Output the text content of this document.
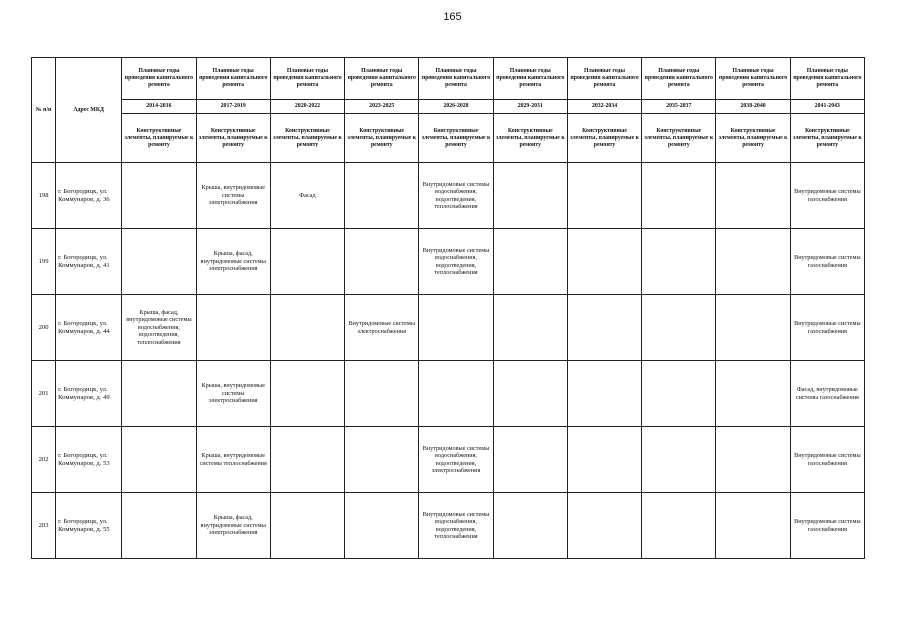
165
№ п/п	Адрес МКД	Плановые годы проведения капитального ремонта	Плановые годы проведения капитального ремонта	Плановые годы проведения капитального ремонта	Плановые годы проведения капитального ремонта	Плановые годы проведения капитального ремонта	Плановые годы проведения капитального ремонта	Плановые годы проведения капитального ремонта	Плановые годы проведения капитального ремонта	Плановые годы проведения капитального ремонта	Плановые годы проведения капитального ремонта
		2014-2016	2017-2019	2020-2022	2023-2025	2026-2028	2029-2031	2032-2034	2035-2037	2038-2040	2041-2043
		Конструктивные элементы, планируемые к ремонту	Конструктивные элементы, планируемые к ремонту	Конструктивные элементы, планируемые к ремонту	Конструктивные элементы, планируемые к ремонту	Конструктивные элементы, планируемые к ремонту	Конструктивные элементы, планируемые к ремонту	Конструктивные элементы, планируемые к ремонту	Конструктивные элементы, планируемые к ремонту	Конструктивные элементы, планируемые к ремонту	Конструктивные элементы, планируемые к ремонту
198	г. Богородицк, ул. Коммунаров, д. 36		Крыша, внутридомовые системы электроснабжения	Фасад		Внутридомовые системы водоснабжения, водоотведения, теплоснабжения					Внутридомовые системы газоснабжения
199	г. Богородицк, ул. Коммунаров, д. 41		Крыша, фасад, внутридомовые системы электроснабжения			Внутридомовые системы водоснабжения, водоотведения, теплоснабжения					Внутридомовые системы газоснабжения
200	г. Богородицк, ул. Коммунаров, д. 44	Крыша, фасад, внутридомовые системы водоснабжения, водоотведения, теплоснабжения			Внутридомовые системы электроснабжения						Внутридомовые системы газоснабжения
201	г. Богородицк, ул. Коммунаров, д. 49		Крыша, внутридомовые системы электроснабжения								Фасад, внутридомовые системы газоснабжения
202	г. Богородицк, ул. Коммунаров, д. 53		Крыша, внутридомовые системы теплоснабжения			Внутридомовые системы водоснабжения, водоотведения, электроснабжения					Внутридомовые системы газоснабжения
203	г. Богородицк, ул. Коммунаров, д. 55		Крыша, фасад, внутридомовые системы электроснабжения			Внутридомовые системы водоснабжения, водоотведения, теплоснабжения					Внутридомовые системы газоснабжения
